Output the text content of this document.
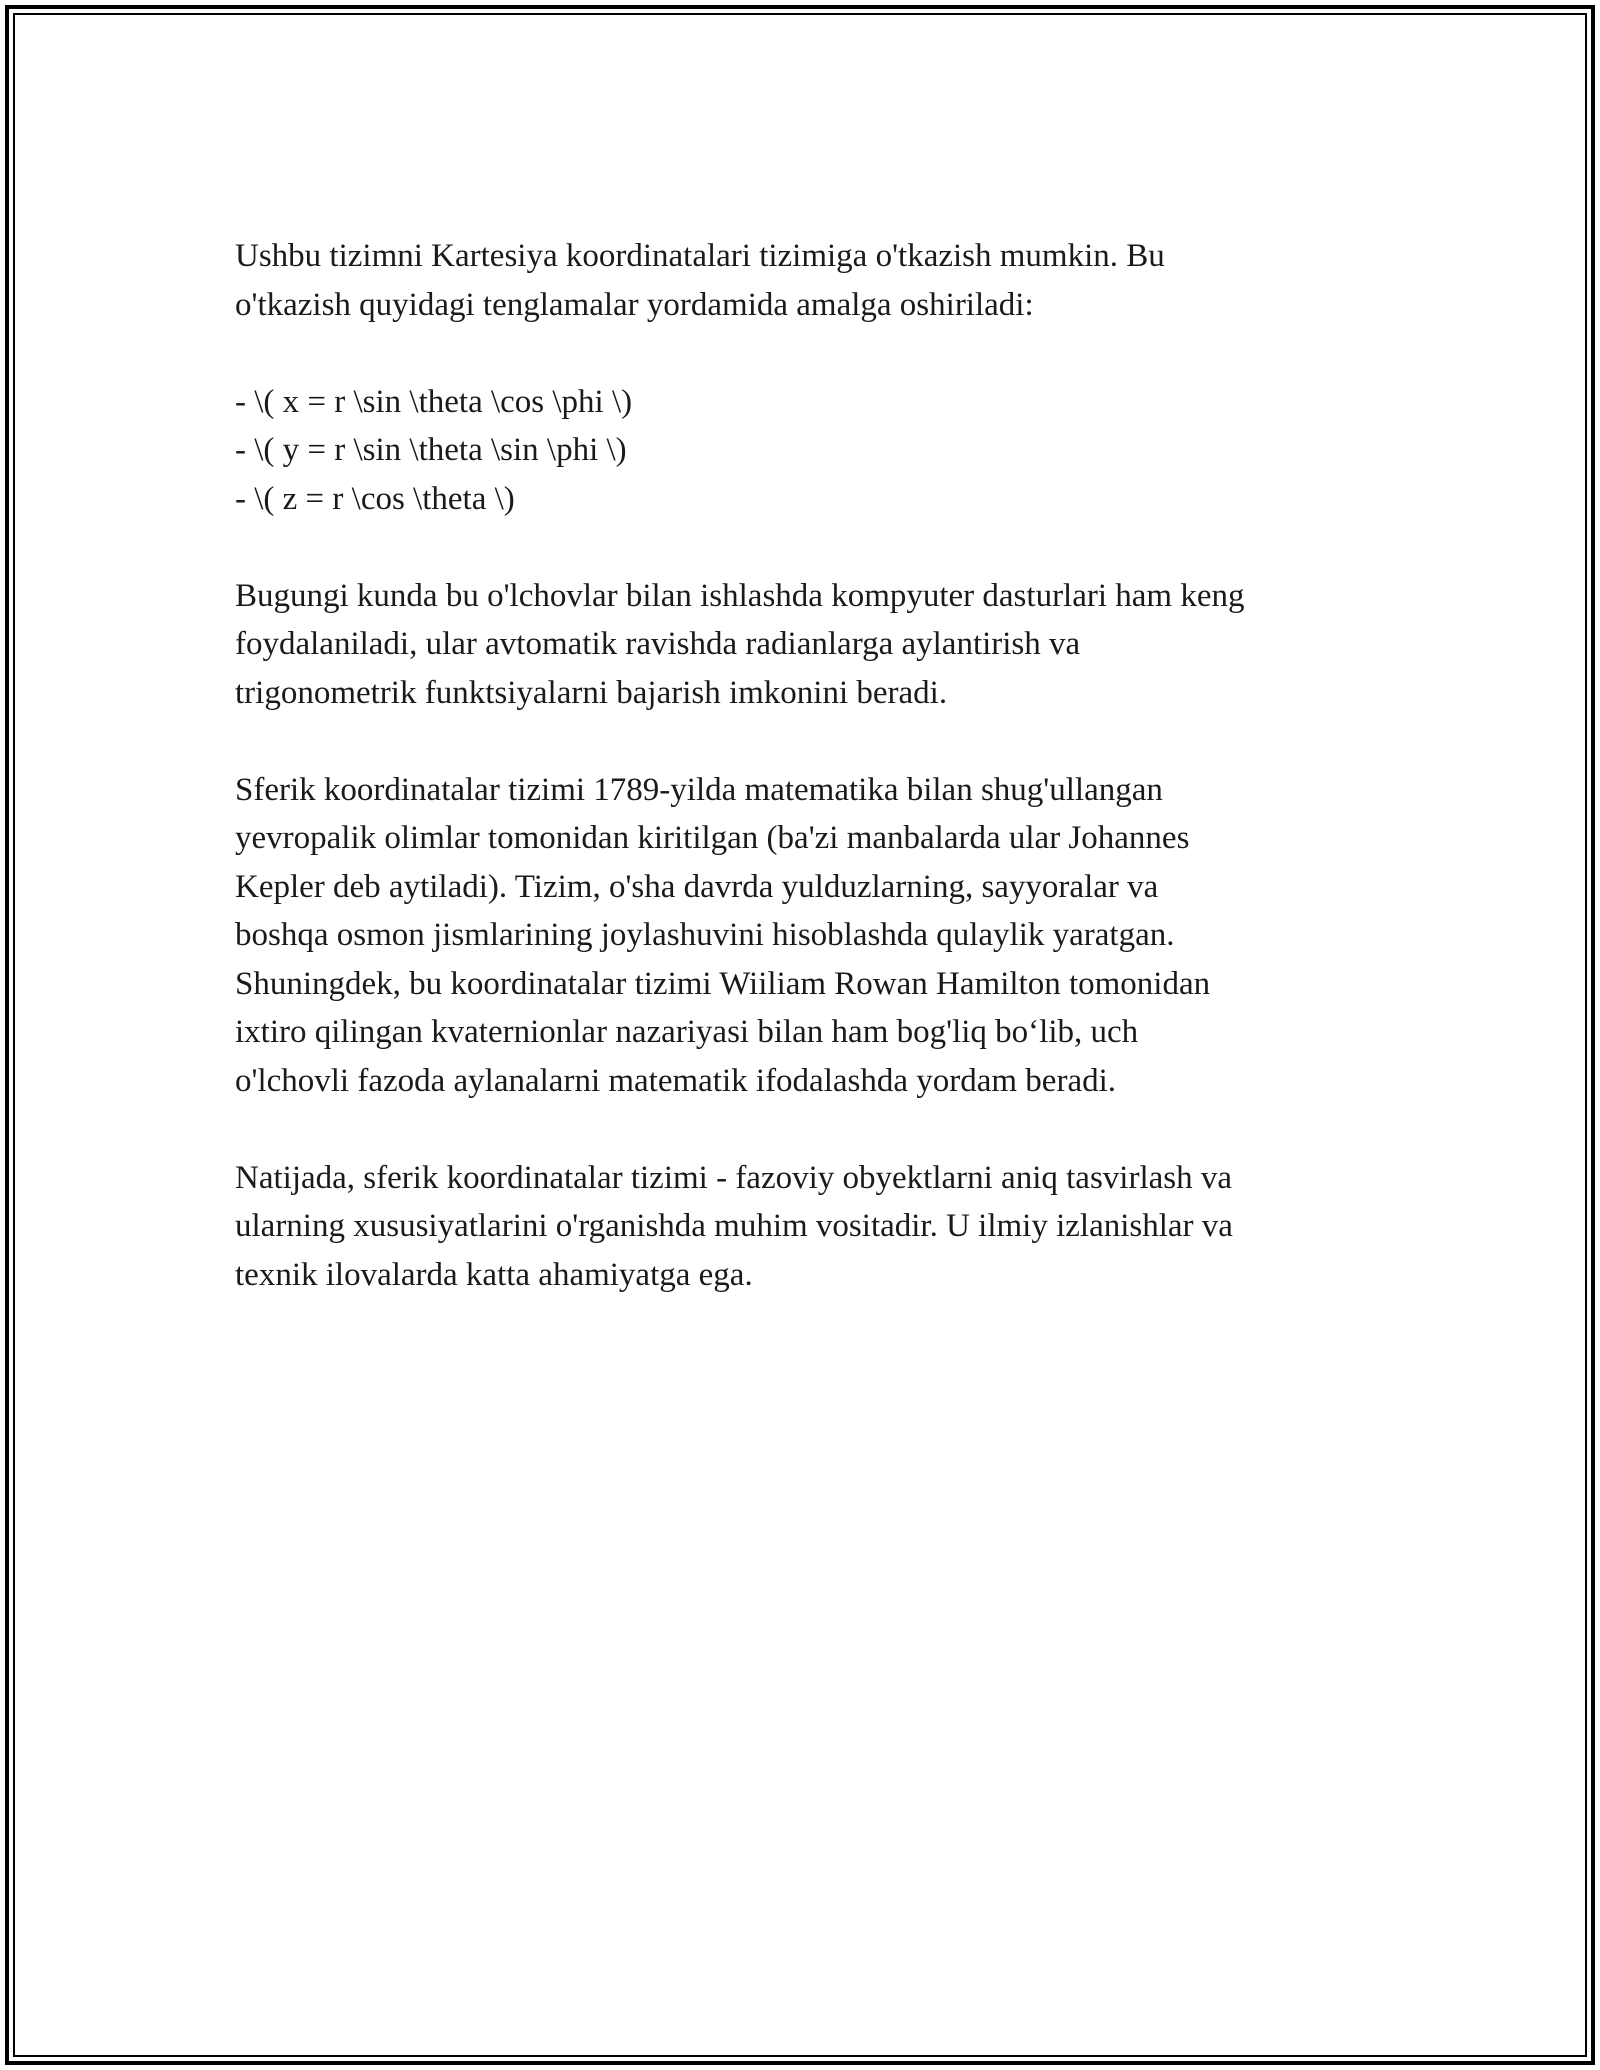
Ushbu tizimni Kartesiya koordinatalari tizimiga o'tkazish mumkin. Bu
o'tkazish quyidagi tenglamalar yordamida amalga oshiriladi:

- \( x = r \sin \theta \cos \phi \)
- \( y = r \sin \theta \sin \phi \)
- \( z = r \cos \theta \)

Bugungi kunda bu o'lchovlar bilan ishlashda kompyuter dasturlari ham keng
foydalaniladi, ular avtomatik ravishda radianlarga aylantirish va
trigonometrik funktsiyalarni bajarish imkonini beradi.

Sferik koordinatalar tizimi 1789-yilda matematika bilan shug'ullangan
yevropalik olimlar tomonidan kiritilgan (ba'zi manbalarda ular Johannes
Kepler deb aytiladi). Tizim, o'sha davrda yulduzlarning, sayyoralar va
boshqa osmon jismlarining joylashuvini hisoblashda qulaylik yaratgan.
Shuningdek, bu koordinatalar tizimi Wiiliam Rowan Hamilton tomonidan
ixtiro qilingan kvaternionlar nazariyasi bilan ham bog'liq bo‘lib, uch
o'lchovli fazoda aylanalarni matematik ifodalashda yordam beradi.

Natijada, sferik koordinatalar tizimi - fazoviy obyektlarni aniq tasvirlash va
ularning xususiyatlarini o'rganishda muhim vositadir. U ilmiy izlanishlar va
texnik ilovalarda katta ahamiyatga ega.
